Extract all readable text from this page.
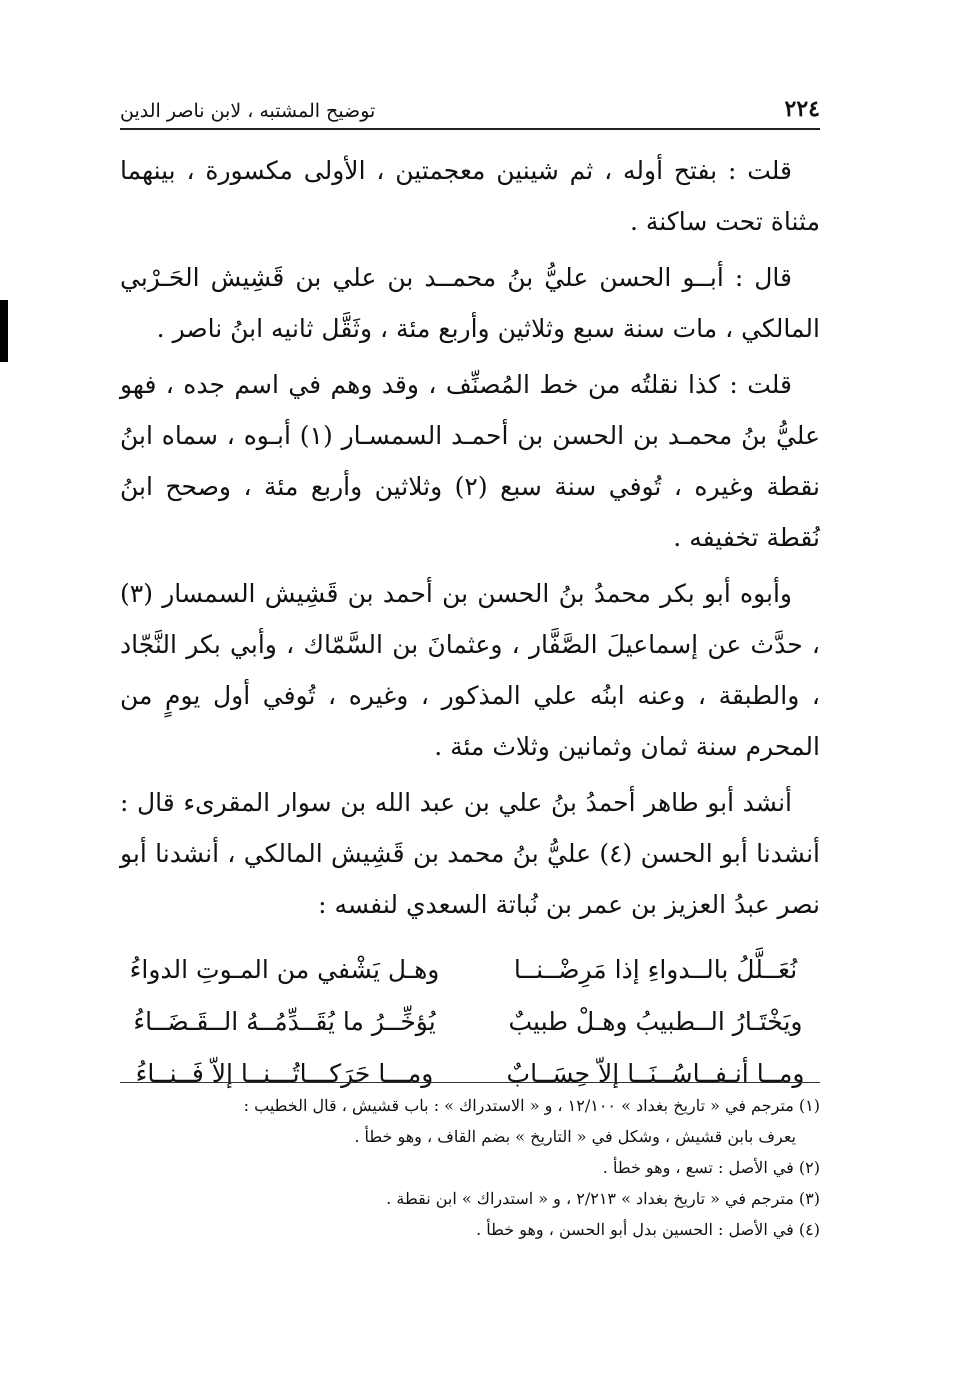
٢٢٤
توضيح المشتبه ، لابن ناصر الدين

قلت : بفتح أوله ، ثم شينين معجمتين ، الأولى مكسورة ، بينهما مثناة تحت ساكنة .

قال : أبــو الحسن عليُّ بنُ محمــد بن علي بن قَشِيش الحَـرْبي المالكي ، مات سنة سبع وثلاثين وأربع مئة ، وثَقَّل ثانيه ابنُ ناصر .

قلت : كذا نقلتُه من خط المُصنِّف ، وقد وهم في اسم جده ، فهو عليُّ بنُ محمـد بن الحسن بن أحمـد السمسـار (١) أبـوه ، سماه ابنُ نقطة وغيره ، تُوفي سنة سبع (٢) وثلاثين وأربع مئة ، وصحح ابنُ نُقطة تخفيفه .

وأبوه أبو بكر محمدُ بنُ الحسن بن أحمد بن قَشِيش السمسار (٣) ، حدَّث عن إسماعيلَ الصَّفَّار ، وعثمانَ بن السَّمّاك ، وأبي بكر النَّجّاد ، والطبقة ، وعنه ابنُه علي المذكور ، وغيره ، تُوفي أول يومٍ من المحرم سنة ثمان وثمانين وثلاث مئة .

أنشد أبو طاهر أحمدُ بنُ علي بن عبد الله بن سوار المقرىء قال : أنشدنا أبو الحسن (٤) عليُّ بنُ محمد بن قَشِيش المالكي ، أنشدنا أبو نصر عبدُ العزيز بن عمر بن نُباتة السعدي لنفسه :

نُعَــلَّلُ بالــدواءِ إذا مَرِضْــنــا
وهـل يَشْفي من المـوتِ الدواءُ
ويَخْتَـارُ الــطبيبُ وهـلْ طبيبٌ
يُؤخِّــرُ ما يُقَــدِّمُــهُ الــقَـضَــاءُ
ومــا أنـفــاسُــنَــا إلاّ حِسَــابٌ
ومـــا حَرَكـــاتُـــنــا إلاّ فَــنــاءُ

(١) مترجم في « تاريخ بغداد » ١٢/١٠٠ ، و « الاستدراك » : باب قشيش ، قال الخطيب :

يعرف بابن قشيش ، وشكل في « التاريخ » بضم القاف ، وهو خطأ .

(٢) في الأصل : تسع ، وهو خطأ .

(٣) مترجم في « تاريخ بغداد » ٢/٢١٣ ، و « استدراك » ابن نقطة .

(٤) في الأصل : الحسين بدل أبو الحسن ، وهو خطأ .
